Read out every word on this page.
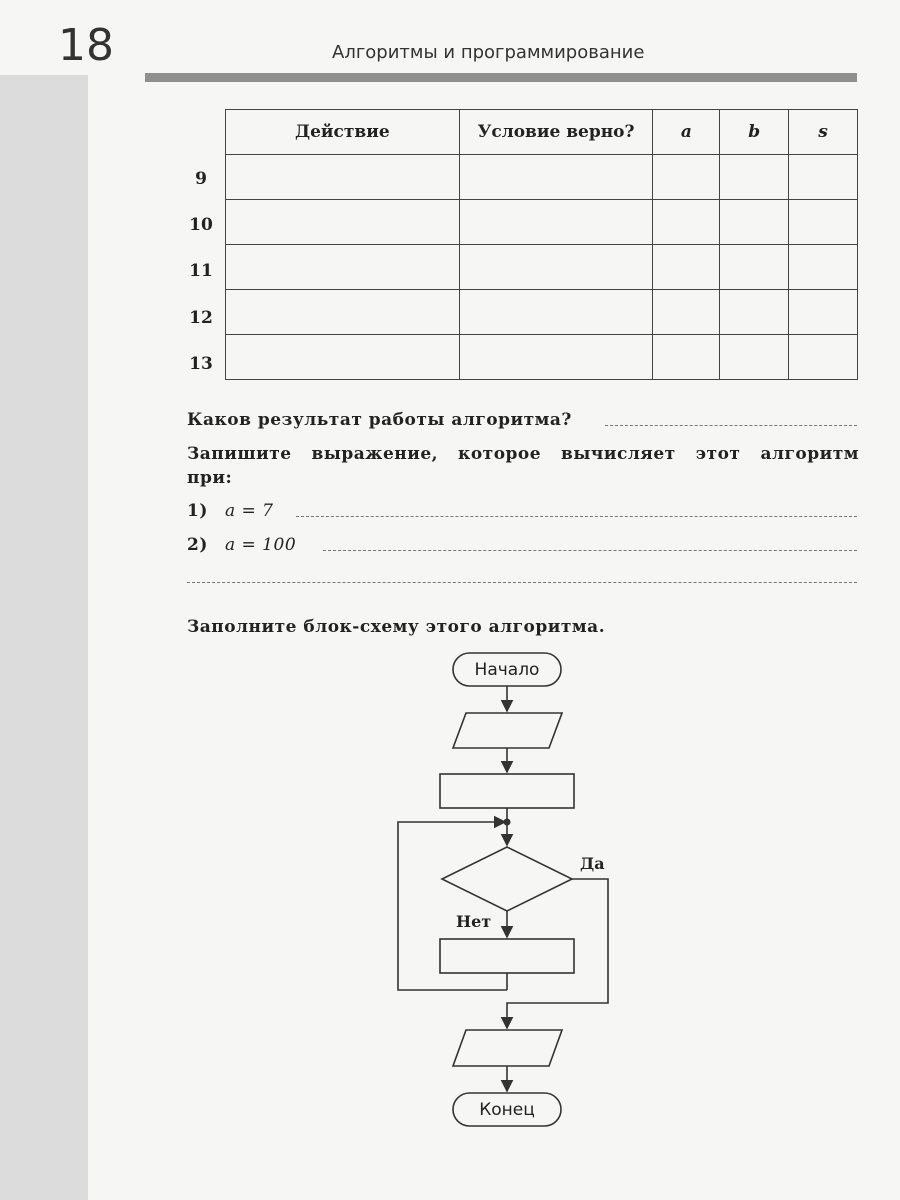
18	Алгоритмы и программирование
Действие	Условие верно?	a	b	s

9
10
11
12
13
Каков результат работы алгоритма?
Запишите выражение, которое вычисляет этот алгоритм
при:
1) a = 7
2) a = 100
Заполните блок-схему этого алгоритма.
Начало
Конец
Да
Нет
